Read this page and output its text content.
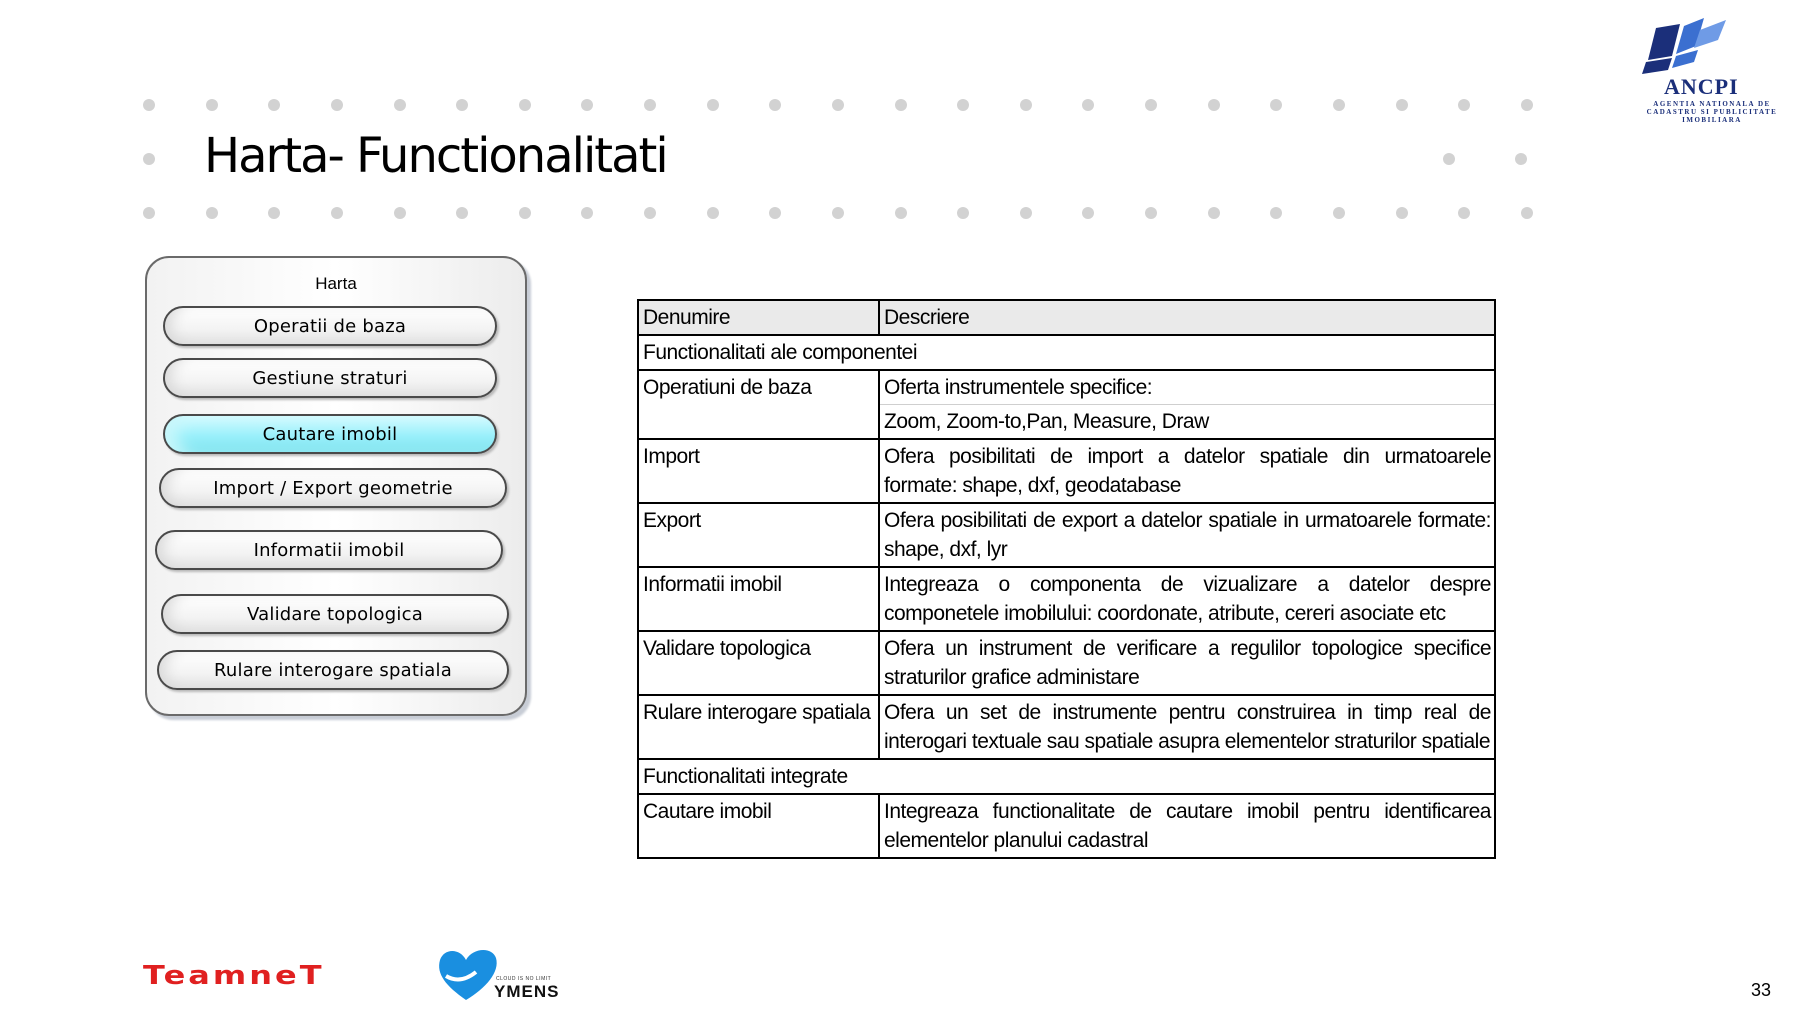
Harta- Functionalitati
ANCPI
AGENTIA NATIONALA DE CADASTRU SI PUBLICITATE IMOBILIARA
Harta
Operatii de baza
Gestiune straturi
Cautare imobil
Import / Export geometrie
Informatii imobil
Validare topologica
Rulare interogare spatiala
Denumire	Descriere
Functionalitati ale componentei	
Operatiuni de baza	Oferta instrumentele specifice:
	Zoom, Zoom-to,Pan, Measure, Draw
Import	Ofera posibilitati de import a datelor spatiale din urmatoarele formate: shape, dxf, geodatabase
Export	Ofera posibilitati de export a datelor spatiale in urmatoarele formate: shape, dxf, lyr
Informatii imobil	Integreaza o componenta de vizualizare a datelor despre componetele imobilului: coordonate, atribute, cereri asociate etc
Validare topologica	Ofera un instrument de verificare a regulilor topologice specifice straturilor grafice administare
Rulare interogare spatiala	Ofera un set de instrumente pentru construirea in timp real de interogari textuale sau spatiale asupra elementelor straturilor spatiale
Functionalitati integrate	
Cautare imobil	Integreaza functionalitate de cautare imobil pentru identificarea elementelor planului cadastral
TeamneT	CLOUD IS NO LIMIT
YMENS	33
